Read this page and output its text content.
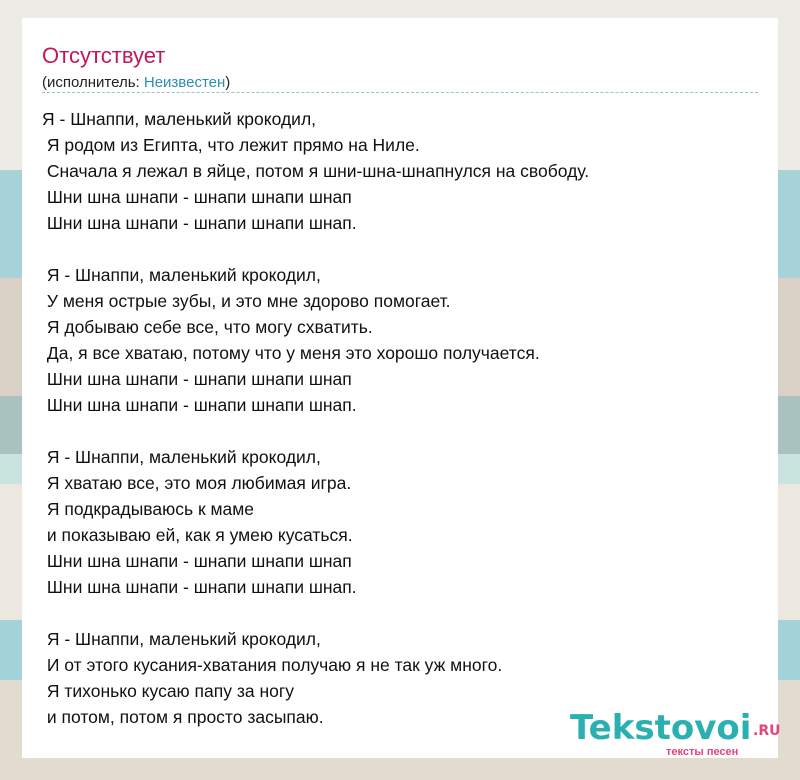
Отсутствует
(исполнитель: Неизвестен)
Я - Шнаппи, маленький крокодил,
Я родом из Египта, что лежит прямо на Ниле.
Сначала я лежал в яйце, потом я шни-шна-шнапнулся на свободу.
Шни шна шнапи - шнапи шнапи шнап
Шни шна шнапи - шнапи шнапи шнап.
Я - Шнаппи, маленький крокодил,
У меня острые зубы, и это мне здорово помогает.
Я добываю себе все, что могу схватить.
Да, я все хватаю, потому что у меня это хорошо получается.
Шни шна шнапи - шнапи шнапи шнап
Шни шна шнапи - шнапи шнапи шнап.
Я - Шнаппи, маленький крокодил,
Я хватаю все, это моя любимая игра.
Я подкрадываюсь к маме
и показываю ей, как я умею кусаться.
Шни шна шнапи - шнапи шнапи шнап
Шни шна шнапи - шнапи шнапи шнап.
Я - Шнаппи, маленький крокодил,
И от этого кусания-хватания получаю я не так уж много.
Я тихонько кусаю папу за ногу
и потом, потом я просто засыпаю.	Tekstovoi .RU
тексты песен
